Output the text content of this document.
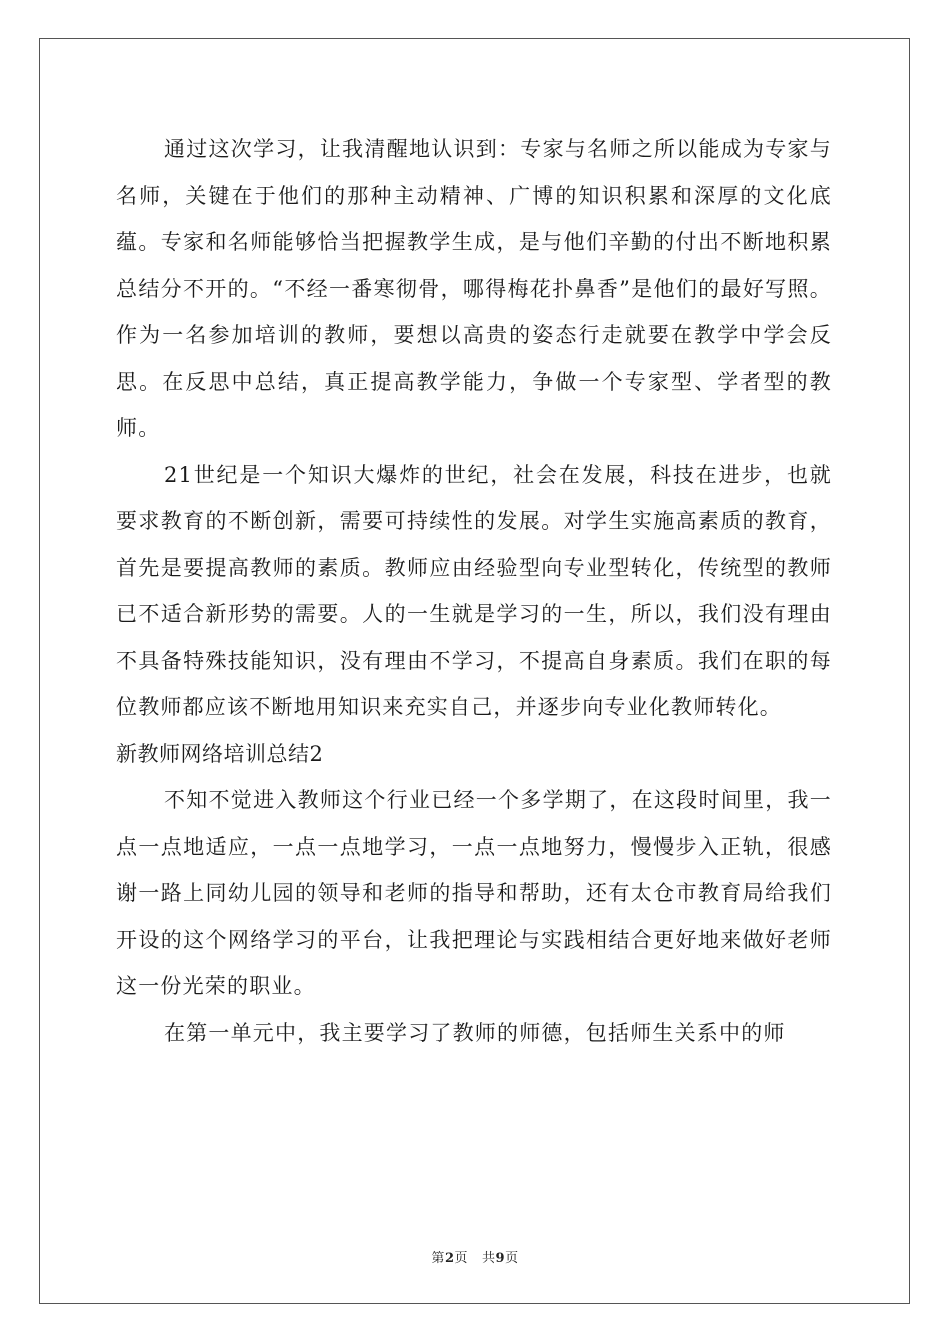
通过这次学习，让我清醒地认识到：专家与名师之所以能成为专家与名师，关键在于他们的那种主动精神、广博的知识积累和深厚的文化底蕴。专家和名师能够恰当把握教学生成，是与他们辛勤的付出不断地积累总结分不开的。“不经一番寒彻骨，哪得梅花扑鼻香”是他们的最好写照。作为一名参加培训的教师，要想以高贵的姿态行走就要在教学中学会反思。在反思中总结，真正提高教学能力，争做一个专家型、学者型的教师。

21世纪是一个知识大爆炸的世纪，社会在发展，科技在进步，也就要求教育的不断创新，需要可持续性的发展。对学生实施高素质的教育，首先是要提高教师的素质。教师应由经验型向专业型转化，传统型的教师已不适合新形势的需要。人的一生就是学习的一生，所以，我们没有理由不具备特殊技能知识，没有理由不学习，不提高自身素质。我们在职的每位教师都应该不断地用知识来充实自己，并逐步向专业化教师转化。

新教师网络培训总结2

不知不觉进入教师这个行业已经一个多学期了，在这段时间里，我一点一点地适应，一点一点地学习，一点一点地努力，慢慢步入正轨，很感谢一路上同幼儿园的领导和老师的指导和帮助，还有太仓市教育局给我们开设的这个网络学习的平台，让我把理论与实践相结合更好地来做好老师这一份光荣的职业。

在第一单元中，我主要学习了教师的师德，包括师生关系中的师

第2页 共9页
